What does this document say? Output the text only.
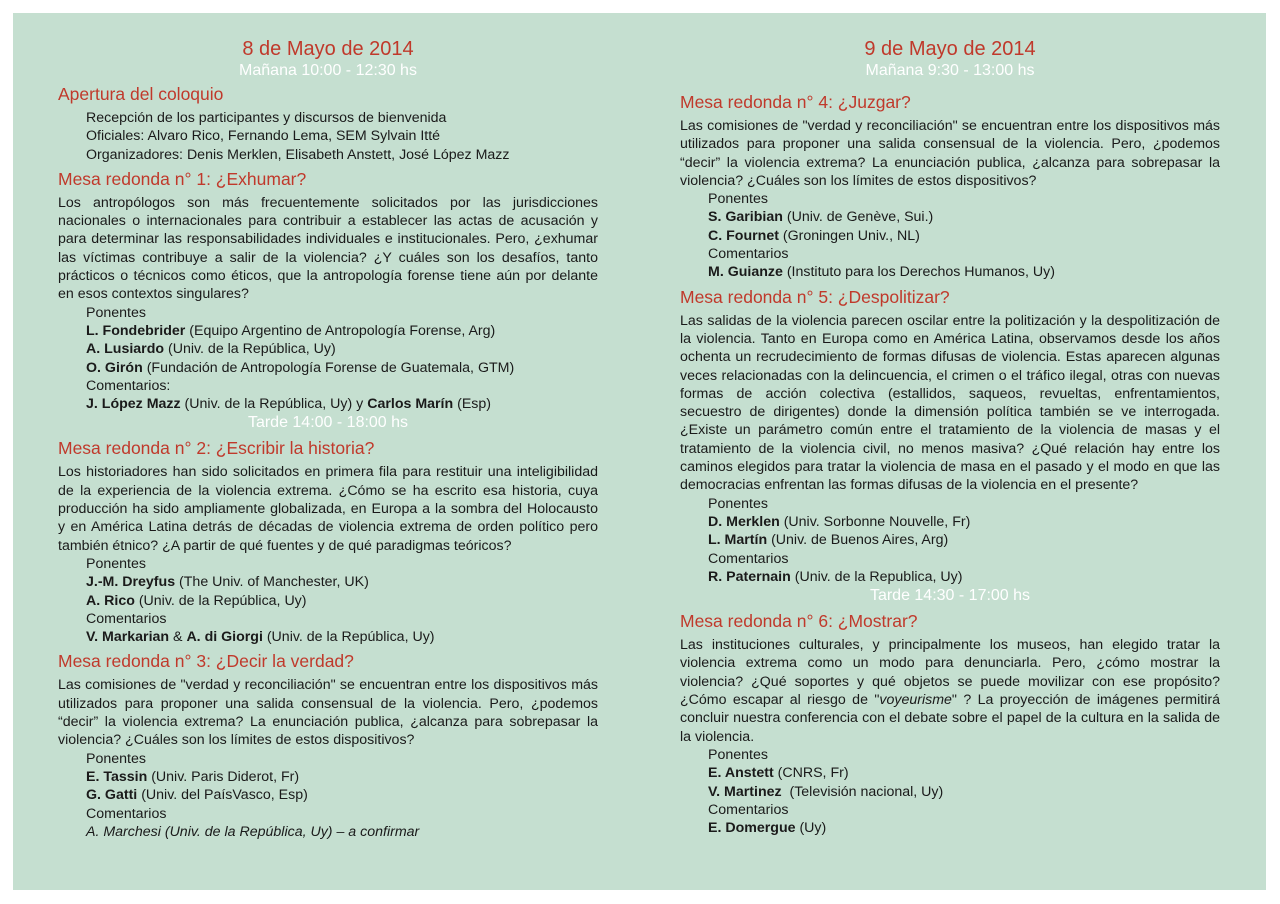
8 de Mayo de 2014

Mañana 10:00 - 12:30 hs

Apertura del coloquio
Recepción de los participantes y discursos de bienvenida
Oficiales: Alvaro Rico, Fernando Lema, SEM Sylvain Itté
Organizadores: Denis Merklen, Elisabeth Anstett, José López Mazz
Mesa redonda n° 1: ¿Exhumar?

Los antropólogos son más frecuentemente solicitados por las jurisdicciones nacionales o internacionales para contribuir a establecer las actas de acusación y para determinar las responsabilidades individuales e institucionales. Pero, ¿exhumar las víctimas contribuye a salir de la violencia? ¿Y cuáles son los desafíos, tanto prácticos o técnicos como éticos, que la antropología forense tiene aún por delante en esos contextos singulares?

Ponentes
L. Fondebrider (Equipo Argentino de Antropología Forense, Arg)
A. Lusiardo (Univ. de la República, Uy)
O. Girón (Fundación de Antropología Forense de Guatemala, GTM)
Comentarios:
J. López Mazz (Univ. de la República, Uy) y Carlos Marín (Esp)

Tarde 14:00 - 18:00 hs

Mesa redonda n° 2: ¿Escribir la historia?

Los historiadores han sido solicitados en primera fila para restituir una inteligibilidad de la experiencia de la violencia extrema. ¿Cómo se ha escrito esa historia, cuya producción ha sido ampliamente globalizada, en Europa a la sombra del Holocausto y en América Latina detrás de décadas de violencia extrema de orden político pero también étnico? ¿A partir de qué fuentes y de qué paradigmas teóricos?

Ponentes
J.-M. Dreyfus (The Univ. of Manchester, UK)
A. Rico (Univ. de la República, Uy)
Comentarios
V. Markarian & A. di Giorgi (Univ. de la República, Uy)
Mesa redonda n° 3: ¿Decir la verdad?

Las comisiones de "verdad y reconciliación" se encuentran entre los dispositivos más utilizados para proponer una salida consensual de la violencia. Pero, ¿podemos “decir” la violencia extrema? La enunciación publica, ¿alcanza para sobrepasar la violencia? ¿Cuáles son los límites de estos dispositivos?

Ponentes
E. Tassin (Univ. Paris Diderot, Fr)
G. Gatti (Univ. del PaísVasco, Esp)
Comentarios
A. Marchesi (Univ. de la República, Uy) – a confirmar

9 de Mayo de 2014

Mañana 9:30 - 13:00 hs

Mesa redonda n° 4: ¿Juzgar?

Las comisiones de "verdad y reconciliación" se encuentran entre los dispositivos más utilizados para proponer una salida consensual de la violencia. Pero, ¿podemos “decir” la violencia extrema? La enunciación publica, ¿alcanza para sobrepasar la violencia? ¿Cuáles son los límites de estos dispositivos?

Ponentes
S. Garibian (Univ. de Genève, Sui.)
C. Fournet (Groningen Univ., NL)
Comentarios
M. Guianze (Instituto para los Derechos Humanos, Uy)
Mesa redonda n° 5: ¿Despolitizar?

Las salidas de la violencia parecen oscilar entre la politización y la despolitización de la violencia. Tanto en Europa como en América Latina, observamos desde los años ochenta un recrudecimiento de formas difusas de violencia. Estas aparecen algunas veces relacionadas con la delincuencia, el crimen o el tráfico ilegal, otras con nuevas formas de acción colectiva (estallidos, saqueos, revueltas, enfrentamientos, secuestro de dirigentes) donde la dimensión política también se ve interrogada. ¿Existe un parámetro común entre el tratamiento de la violencia de masas y el tratamiento de la violencia civil, no menos masiva? ¿Qué relación hay entre los caminos elegidos para tratar la violencia de masa en el pasado y el modo en que las democracias enfrentan las formas difusas de la violencia en el presente?

Ponentes
D. Merklen (Univ. Sorbonne Nouvelle, Fr)
L. Martín (Univ. de Buenos Aires, Arg)
Comentarios
R. Paternain (Univ. de la Republica, Uy)

Tarde 14:30 - 17:00 hs

Mesa redonda n° 6: ¿Mostrar?

Las instituciones culturales, y principalmente los museos, han elegido tratar la violencia extrema como un modo para denunciarla. Pero, ¿cómo mostrar la violencia? ¿Qué soportes y qué objetos se puede movilizar con ese propósito? ¿Cómo escapar al riesgo de "voyeurisme" ? La proyección de imágenes permitirá concluir nuestra conferencia con el debate sobre el papel de la cultura en la salida de la violencia.

Ponentes
E. Anstett (CNRS, Fr)
V. Martinez  (Televisión nacional, Uy)
Comentarios
E. Domergue (Uy)
